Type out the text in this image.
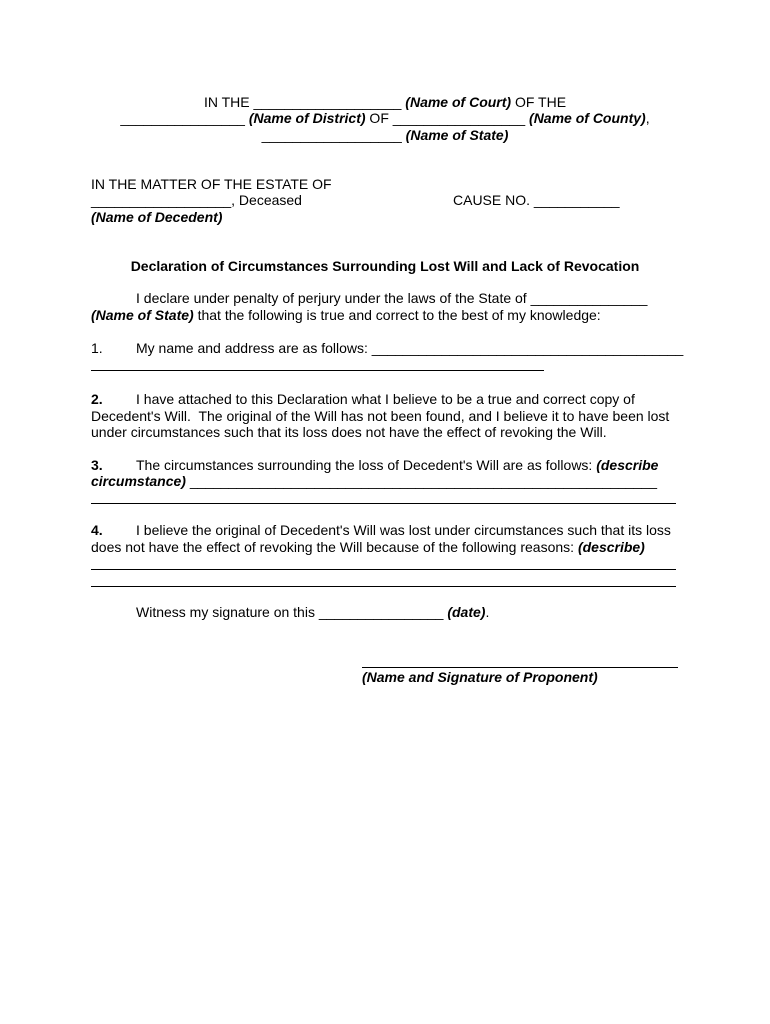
IN THE ___________________ (Name of Court) OF THE
________________ (Name of District) OF _________________ (Name of County),
__________________ (Name of State)
IN THE MATTER OF THE ESTATE OF
__________________, Deceased	CAUSE NO. ___________
(Name of Decedent)
Declaration of Circumstances Surrounding Lost Will and Lack of Revocation
I declare under penalty of perjury under the laws of the State of _______________
(Name of State) that the following is true and correct to the best of my knowledge:
1. My name and address are as follows: ________________________________________
2. I have attached to this Declaration what I believe to be a true and correct copy of
Decedent's Will.  The original of the Will has not been found, and I believe it to have been lost
under circumstances such that its loss does not have the effect of revoking the Will.
3. The circumstances surrounding the loss of Decedent's Will are as follows: (describe
circumstance) ____________________________________________________________
4. I believe the original of Decedent's Will was lost under circumstances such that its loss
does not have the effect of revoking the Will because of the following reasons: (describe)
Witness my signature on this ________________ (date).
(Name and Signature of Proponent)
